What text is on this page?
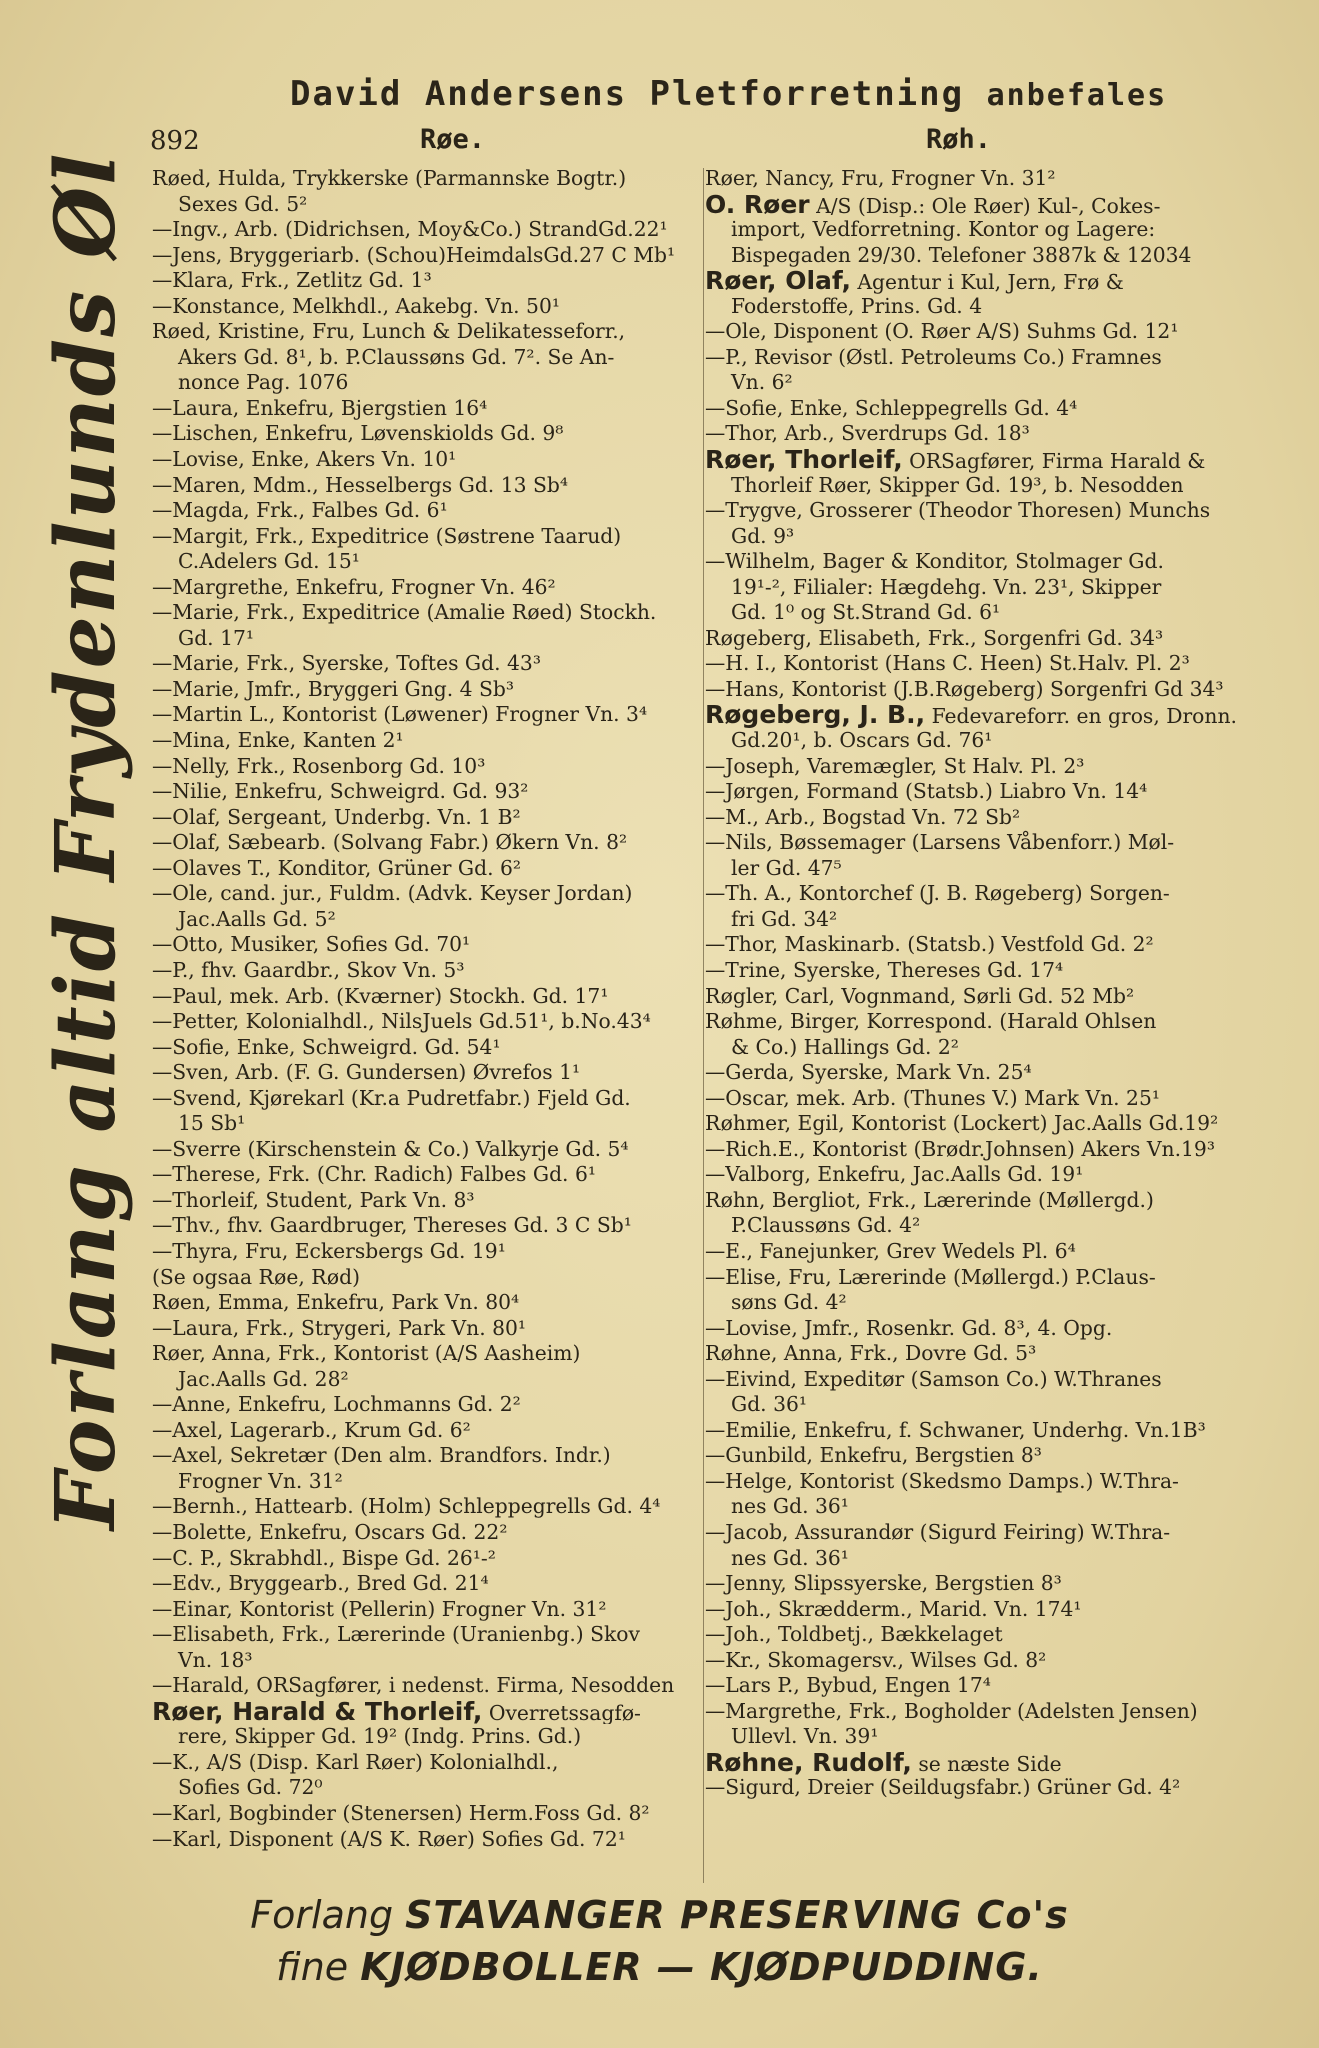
David Andersens Pletforretning anbefales
892	Røe.	Røh.
Forlang altid Frydenlunds Øl Røed, Hulda, Trykkerske (Parmannske Bogtr.)
Sexes Gd. 5²
—Ingv., Arb. (Didrichsen, Moy&Co.) StrandGd.22¹
—Jens, Bryggeriarb. (Schou)HeimdalsGd.27 C Mb¹
—Klara, Frk., Zetlitz Gd. 1³
—Konstance, Melkhdl., Aakebg. Vn. 50¹
Røed, Kristine, Fru, Lunch & Delikatesseforr.,
Akers Gd. 8¹, b. P.Claussøns Gd. 7². Se An-
nonce Pag. 1076
—Laura, Enkefru, Bjergstien 16⁴
—Lischen, Enkefru, Løvenskiolds Gd. 9⁸
—Lovise, Enke, Akers Vn. 10¹
—Maren, Mdm., Hesselbergs Gd. 13 Sb⁴
—Magda, Frk., Falbes Gd. 6¹
—Margit, Frk., Expeditrice (Søstrene Taarud)
C.Adelers Gd. 15¹
—Margrethe, Enkefru, Frogner Vn. 46²
—Marie, Frk., Expeditrice (Amalie Røed) Stockh.
Gd. 17¹
—Marie, Frk., Syerske, Toftes Gd. 43³
—Marie, Jmfr., Bryggeri Gng. 4 Sb³
—Martin L., Kontorist (Løwener) Frogner Vn. 3⁴
—Mina, Enke, Kanten 2¹
—Nelly, Frk., Rosenborg Gd. 10³
—Nilie, Enkefru, Schweigrd. Gd. 93²
—Olaf, Sergeant, Underbg. Vn. 1 B²
—Olaf, Sæbearb. (Solvang Fabr.) Økern Vn. 8²
—Olaves T., Konditor, Grüner Gd. 6²
—Ole, cand. jur., Fuldm. (Advk. Keyser Jordan)
Jac.Aalls Gd. 5²
—Otto, Musiker, Sofies Gd. 70¹
—P., fhv. Gaardbr., Skov Vn. 5³
—Paul, mek. Arb. (Kværner) Stockh. Gd. 17¹
—Petter, Kolonialhdl., NilsJuels Gd.51¹, b.No.43⁴
—Sofie, Enke, Schweigrd. Gd. 54¹
—Sven, Arb. (F. G. Gundersen) Øvrefos 1¹
—Svend, Kjørekarl (Kr.a Pudretfabr.) Fjeld Gd.
15 Sb¹
—Sverre (Kirschenstein & Co.) Valkyrje Gd. 5⁴
—Therese, Frk. (Chr. Radich) Falbes Gd. 6¹
—Thorleif, Student, Park Vn. 8³
—Thv., fhv. Gaardbruger, Thereses Gd. 3 C Sb¹
—Thyra, Fru, Eckersbergs Gd. 19¹
(Se ogsaa Røe, Rød)
Røen, Emma, Enkefru, Park Vn. 80⁴
—Laura, Frk., Strygeri, Park Vn. 80¹
Røer, Anna, Frk., Kontorist (A/S Aasheim)
Jac.Aalls Gd. 28²
—Anne, Enkefru, Lochmanns Gd. 2²
—Axel, Lagerarb., Krum Gd. 6²
—Axel, Sekretær (Den alm. Brandfors. Indr.)
Frogner Vn. 31²
—Bernh., Hattearb. (Holm) Schleppegrells Gd. 4⁴
—Bolette, Enkefru, Oscars Gd. 22²
—C. P., Skrabhdl., Bispe Gd. 26¹-²
—Edv., Bryggearb., Bred Gd. 21⁴
—Einar, Kontorist (Pellerin) Frogner Vn. 31²
—Elisabeth, Frk., Lærerinde (Uranienbg.) Skov
Vn. 18³
—Harald, ORSagfører, i nedenst. Firma, Nesodden
Røer, Harald & Thorleif, Overretssagfø-
rere, Skipper Gd. 19² (Indg. Prins. Gd.)
—K., A/S (Disp. Karl Røer) Kolonialhdl.,
Sofies Gd. 72⁰
—Karl, Bogbinder (Stenersen) Herm.Foss Gd. 8²
—Karl, Disponent (A/S K. Røer) Sofies Gd. 72¹
Røer, Nancy, Fru, Frogner Vn. 31²
O. Røer A/S (Disp.: Ole Røer) Kul-, Cokes-
import, Vedforretning. Kontor og Lagere:
Bispegaden 29/30. Telefoner 3887k & 12034
Røer, Olaf, Agentur i Kul, Jern, Frø &
Foderstoffe, Prins. Gd. 4
—Ole, Disponent (O. Røer A/S) Suhms Gd. 12¹
—P., Revisor (Østl. Petroleums Co.) Framnes
Vn. 6²
—Sofie, Enke, Schleppegrells Gd. 4⁴
—Thor, Arb., Sverdrups Gd. 18³
Røer, Thorleif, ORSagfører, Firma Harald &
Thorleif Røer, Skipper Gd. 19³, b. Nesodden
—Trygve, Grosserer (Theodor Thoresen) Munchs
Gd. 9³
—Wilhelm, Bager & Konditor, Stolmager Gd.
19¹-², Filialer: Hægdehg. Vn. 23¹, Skipper
Gd. 1⁰ og St.Strand Gd. 6¹
Røgeberg, Elisabeth, Frk., Sorgenfri Gd. 34³
—H. I., Kontorist (Hans C. Heen) St.Halv. Pl. 2³
—Hans, Kontorist (J.B.Røgeberg) Sorgenfri Gd 34³
Røgeberg, J. B., Fedevareforr. en gros, Dronn.
Gd.20¹, b. Oscars Gd. 76¹
—Joseph, Varemægler, St Halv. Pl. 2³
—Jørgen, Formand (Statsb.) Liabro Vn. 14⁴
—M., Arb., Bogstad Vn. 72 Sb²
—Nils, Bøssemager (Larsens Våbenforr.) Møl-
ler Gd. 47⁵
—Th. A., Kontorchef (J. B. Røgeberg) Sorgen-
fri Gd. 34²
—Thor, Maskinarb. (Statsb.) Vestfold Gd. 2²
—Trine, Syerske, Thereses Gd. 17⁴
Røgler, Carl, Vognmand, Sørli Gd. 52 Mb²
Røhme, Birger, Korrespond. (Harald Ohlsen
& Co.) Hallings Gd. 2²
—Gerda, Syerske, Mark Vn. 25⁴
—Oscar, mek. Arb. (Thunes V.) Mark Vn. 25¹
Røhmer, Egil, Kontorist (Lockert) Jac.Aalls Gd.19²
—Rich.E., Kontorist (Brødr.Johnsen) Akers Vn.19³
—Valborg, Enkefru, Jac.Aalls Gd. 19¹
Røhn, Bergliot, Frk., Lærerinde (Møllergd.)
P.Claussøns Gd. 4²
—E., Fanejunker, Grev Wedels Pl. 6⁴
—Elise, Fru, Lærerinde (Møllergd.) P.Claus-
søns Gd. 4²
—Lovise, Jmfr., Rosenkr. Gd. 8³, 4. Opg.
Røhne, Anna, Frk., Dovre Gd. 5³
—Eivind, Expeditør (Samson Co.) W.Thranes
Gd. 36¹
—Emilie, Enkefru, f. Schwaner, Underhg. Vn.1B³
—Gunbild, Enkefru, Bergstien 8³
—Helge, Kontorist (Skedsmo Damps.) W.Thra-
nes Gd. 36¹
—Jacob, Assurandør (Sigurd Feiring) W.Thra-
nes Gd. 36¹
—Jenny, Slipssyerske, Bergstien 8³
—Joh., Skrædderm., Marid. Vn. 174¹
—Joh., Toldbetj., Bækkelaget
—Kr., Skomagersv., Wilses Gd. 8²
—Lars P., Bybud, Engen 17⁴
—Margrethe, Frk., Bogholder (Adelsten Jensen)
Ullevl. Vn. 39¹
Røhne, Rudolf, se næste Side
—Sigurd, Dreier (Seildugsfabr.) Grüner Gd. 4²
Forlang STAVANGER PRESERVING Co's
fine KJØDBOLLER — KJØDPUDDING.
